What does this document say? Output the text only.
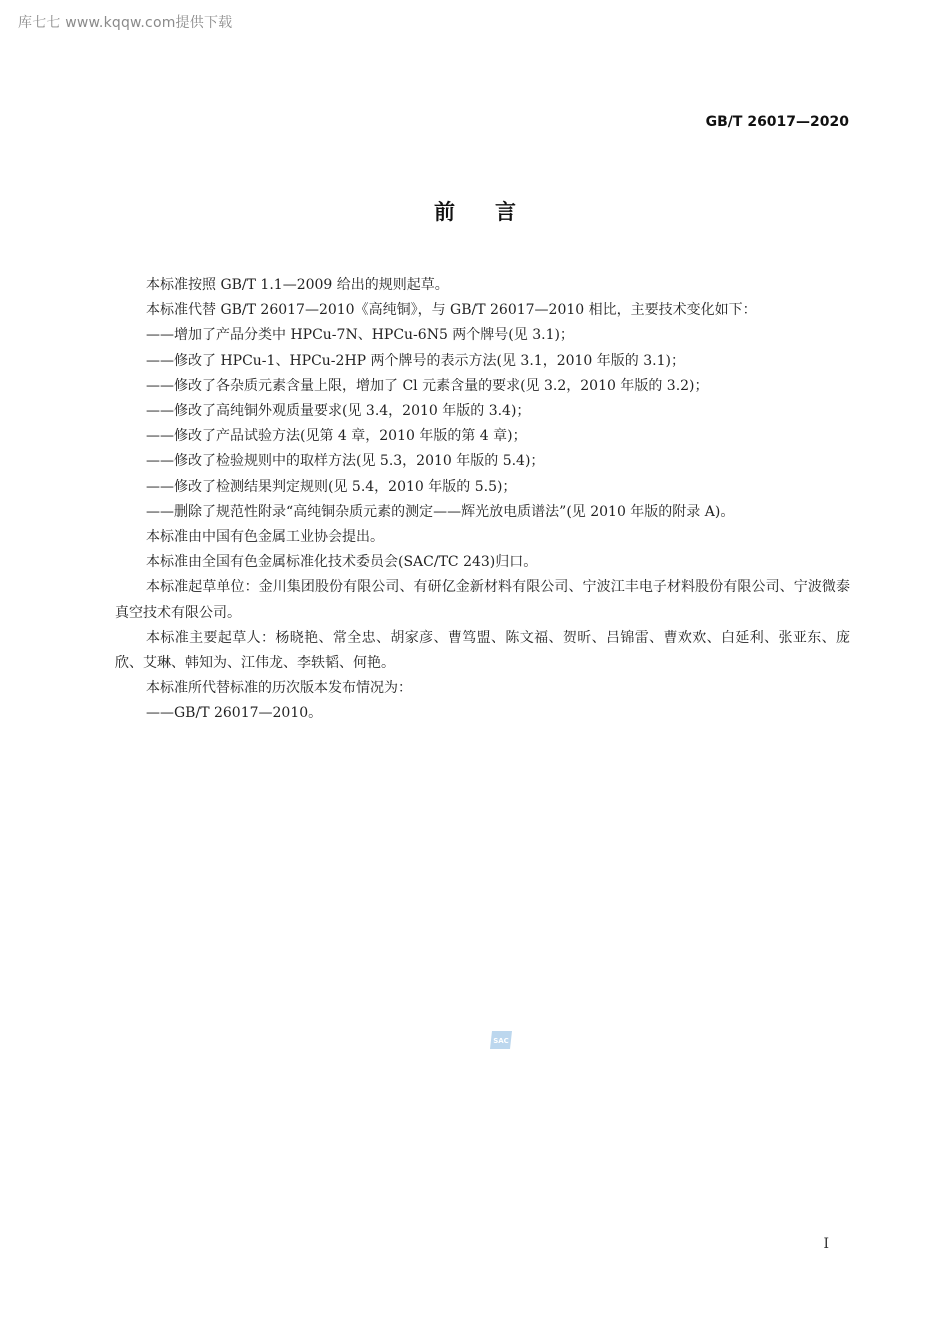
库七七 www.kqqw.com提供下载
GB/T 26017—2020
前言

本标准按照 GB/T 1.1—2009 给出的规则起草。

本标准代替 GB/T 26017—2010《高纯铜》，与 GB/T 26017—2010 相比，主要技术变化如下：

——增加了产品分类中 HPCu-7N、HPCu-6N5 两个牌号(见 3.1)；

——修改了 HPCu-1、HPCu-2HP 两个牌号的表示方法(见 3.1，2010 年版的 3.1)；

——修改了各杂质元素含量上限，增加了 Cl 元素含量的要求(见 3.2，2010 年版的 3.2)；

——修改了高纯铜外观质量要求(见 3.4，2010 年版的 3.4)；

——修改了产品试验方法(见第 4 章，2010 年版的第 4 章)；

——修改了检验规则中的取样方法(见 5.3，2010 年版的 5.4)；

——修改了检测结果判定规则(见 5.4，2010 年版的 5.5)；

——删除了规范性附录“高纯铜杂质元素的测定——辉光放电质谱法”(见 2010 年版的附录 A)。

本标准由中国有色金属工业协会提出。

本标准由全国有色金属标准化技术委员会(SAC/TC 243)归口。

本标准起草单位：金川集团股份有限公司、有研亿金新材料有限公司、宁波江丰电子材料股份有限公司、宁波微泰真空技术有限公司。

本标准主要起草人：杨晓艳、常全忠、胡家彦、曹笃盟、陈文福、贺昕、吕锦雷、曹欢欢、白延利、张亚东、庞欣、艾琳、韩知为、江伟龙、李轶韬、何艳。

本标准所代替标准的历次版本发布情况为：

——GB/T 26017—2010。

SAC
I
